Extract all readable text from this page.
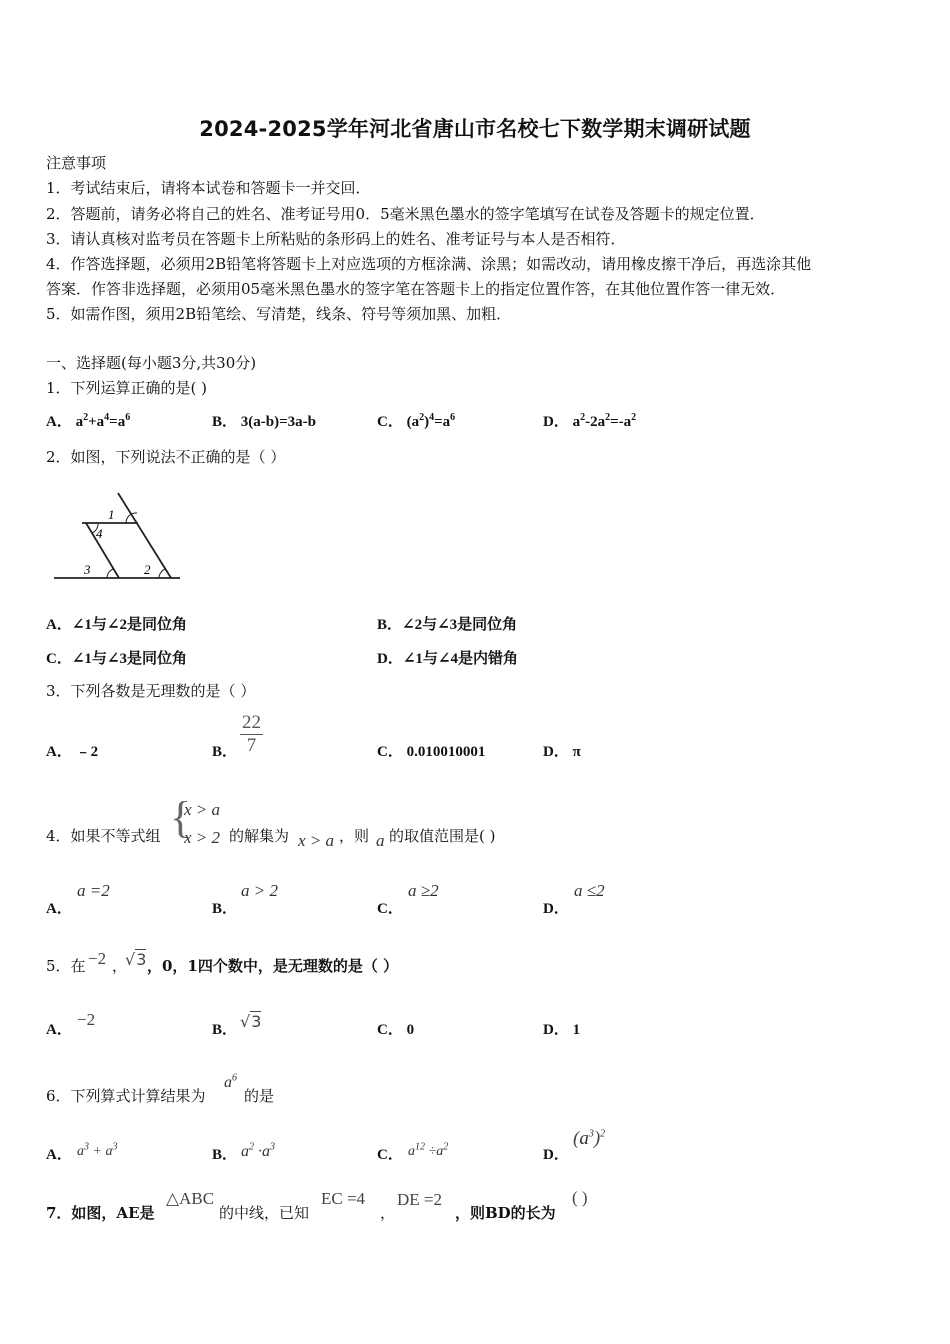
2024-2025学年河北省唐山市名校七下数学期末调研试题
注意事项
1．考试结束后，请将本试卷和答题卡一并交回．
2．答题前，请务必将自己的姓名、准考证号用0．5毫米黑色墨水的签字笔填写在试卷及答题卡的规定位置．
3．请认真核对监考员在答题卡上所粘贴的条形码上的姓名、准考证号与本人是否相符．
4．作答选择题，必须用2B铅笔将答题卡上对应选项的方框涂满、涂黑；如需改动，请用橡皮擦干净后，再选涂其他
答案．作答非选择题，必须用05毫米黑色墨水的签字笔在答题卡上的指定位置作答，在其他位置作答一律无效．
5．如需作图，须用2B铅笔绘、写清楚，线条、符号等须加黑、加粗．
一、选择题(每小题3分,共30分)
1．下列运算正确的是( )
A． $a^2+a^4=a^6$	B． 3(a-b)=3a-b	C． $(a^2)^4=a^6$	D． $a^2-2a^2=-a^2$
2．如图，下列说法不正确的是（ ）
1
4
3	2
A．∠1与∠2是同位角	B．∠2与∠3是同位角
C．∠1与∠3是同位角	D．∠1与∠4是内错角
3．下列各数是无理数的是（ ）
A． ﹣2	B． $\frac{22}{7}$	C． 0.010010001	D． π
4．如果不等式组 {
x > a
x > 2 的解集为 x > a ，则 a 的取值范围是( )
A．
a =2
B．
a > 2
C．
a ≥2
D．
a ≤2
5．在 −2 ，
√3 ，0，1四个数中，是无理数的是（ ）
A．
−2
B． √3	C． 0	D． 1
6．下列算式计算结果为
$a^6$
的是
A． $a^3 + a^3$
B． $a^2 \cdot a^3$	C． $a^{12} \div a^2$
D．
$(a^3)^2$
7．如图，AE是
△ABC
的中线，已知
EC =4
，
DE =2
，则BD的长为
( )
